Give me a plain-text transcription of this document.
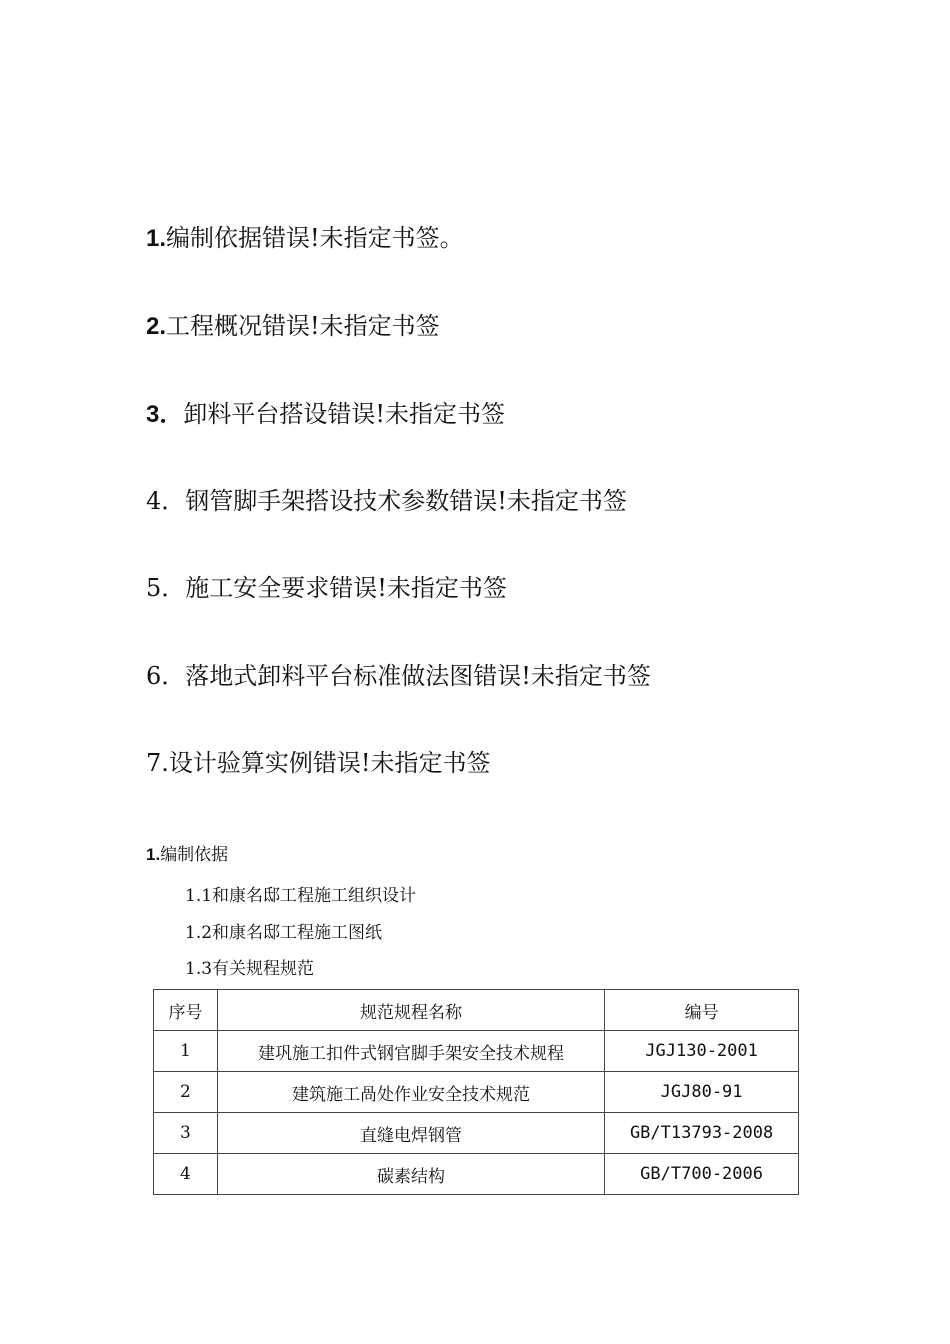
1.编制依据错误!未指定书签。
2.工程概况错误!未指定书签
3．卸料平台搭设错误!未指定书签
4．钢管脚手架搭设技术参数错误!未指定书签
5．施工安全要求错误!未指定书签
6．落地式卸料平台标准做法图错误!未指定书签
7.设计验算实例错误!未指定书签
1.编制依据
1.1和康名邸工程施工组织设计
1.2和康名邸工程施工图纸
1.3有关规程规范
序号	规范规程名称	编号
1	建巩施工扣件式钢官脚手架安全技术规程	JGJ130-2001
2	建筑施工咼处作业安全技术规范	JGJ80-91
3	直缝电焊钢管	GB/T13793-2008
4	碳素结构	GB/T700-2006
